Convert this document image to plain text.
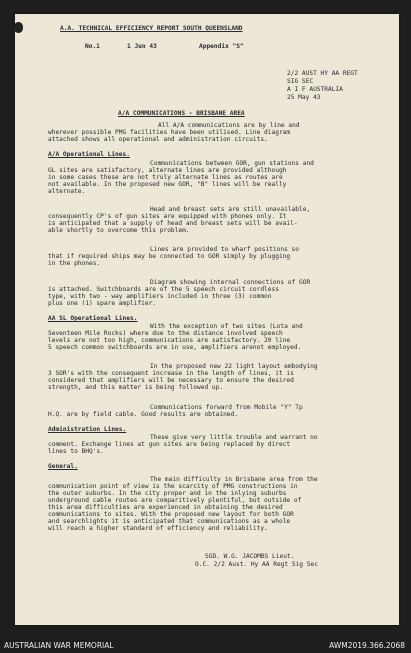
A.A. TECHNICAL EFFICIENCY REPORT SOUTH QUEENSLAND
No.1	1 Jun 43	Appendix "S"
2/2 AUST HY AA REGT
SIG SEC
A I F AUSTRALIA
25 May 43
A/A COMMUNICATIONS - BRISBANE AREA
All A/A communications are by line and
wherever possible PMG facilities have been utilised. Line diagram
attached shows all operational and administration circuits.
A/A Operational Lines.
Communications between GOR, gun stations and
GL sites are satisfactory, alternate lines are provided although
in some cases these are not truly alternate lines as routes are
not available. In the proposed new GOR, "B" lines will be really
alternate.
Head and breast sets are still unavailable,
consequently CP's of gun sites are equipped with phones only. It
is anticipated that a supply of head and breast sets will be avail-
able shortly to overcome this problem.
Lines are provided to wharf positions so
that if required ships may be connected to GOR simply by plugging
in the phones.
Diagram showing internal connections of GOR
is attached. Switchboards are of the 5 speech circuit cordless
type, with two - way amplifiers included in three (3) common
plus one (1) spare amplifier.
AA SL Operational Lines.
With the exception of two sites (Lota and
Seventeen Mile Rocks) where due to the distance involved speech
levels are not too high, communications are satisfactory. 20 line
5 speech common switchboards are in use, amplifiers arenot employed.
In the proposed new 22 light layout embodying
3 SOR's with the consequent increase in the length of lines, it is
considered that amplifiers will be necessary to ensure the desired
strength, and this matter is being followed up.
Communications forward from Mobile "Y" Tp
H.Q. are by field cable. Good results are obtained.
Administration Lines.
These give very little trouble and warrant no
comment. Exchange lines at gun sites are being replaced by direct
lines to BHQ's.
General.
The main difficulty in Brisbane area from the
communication point of view is the scarcity of PMG constructions in
the outer suburbs. In the city proper and in the inlying suburbs
underground cable routes are comparitively plentiful, but outside of
this area difficulties are experienced in obtaining the desired
communications to sites. With the proposed new layout for both GOR
and searchlights it is anticipated that communications as a whole
will reach a higher standard of efficiency and reliability.
SGD. W.G. JACOMBS Lieut.
O.C. 2/2 Aust. Hy AA Regt Sig Sec
AUSTRALIAN WAR MEMORIAL	AWM2019.366.2068
